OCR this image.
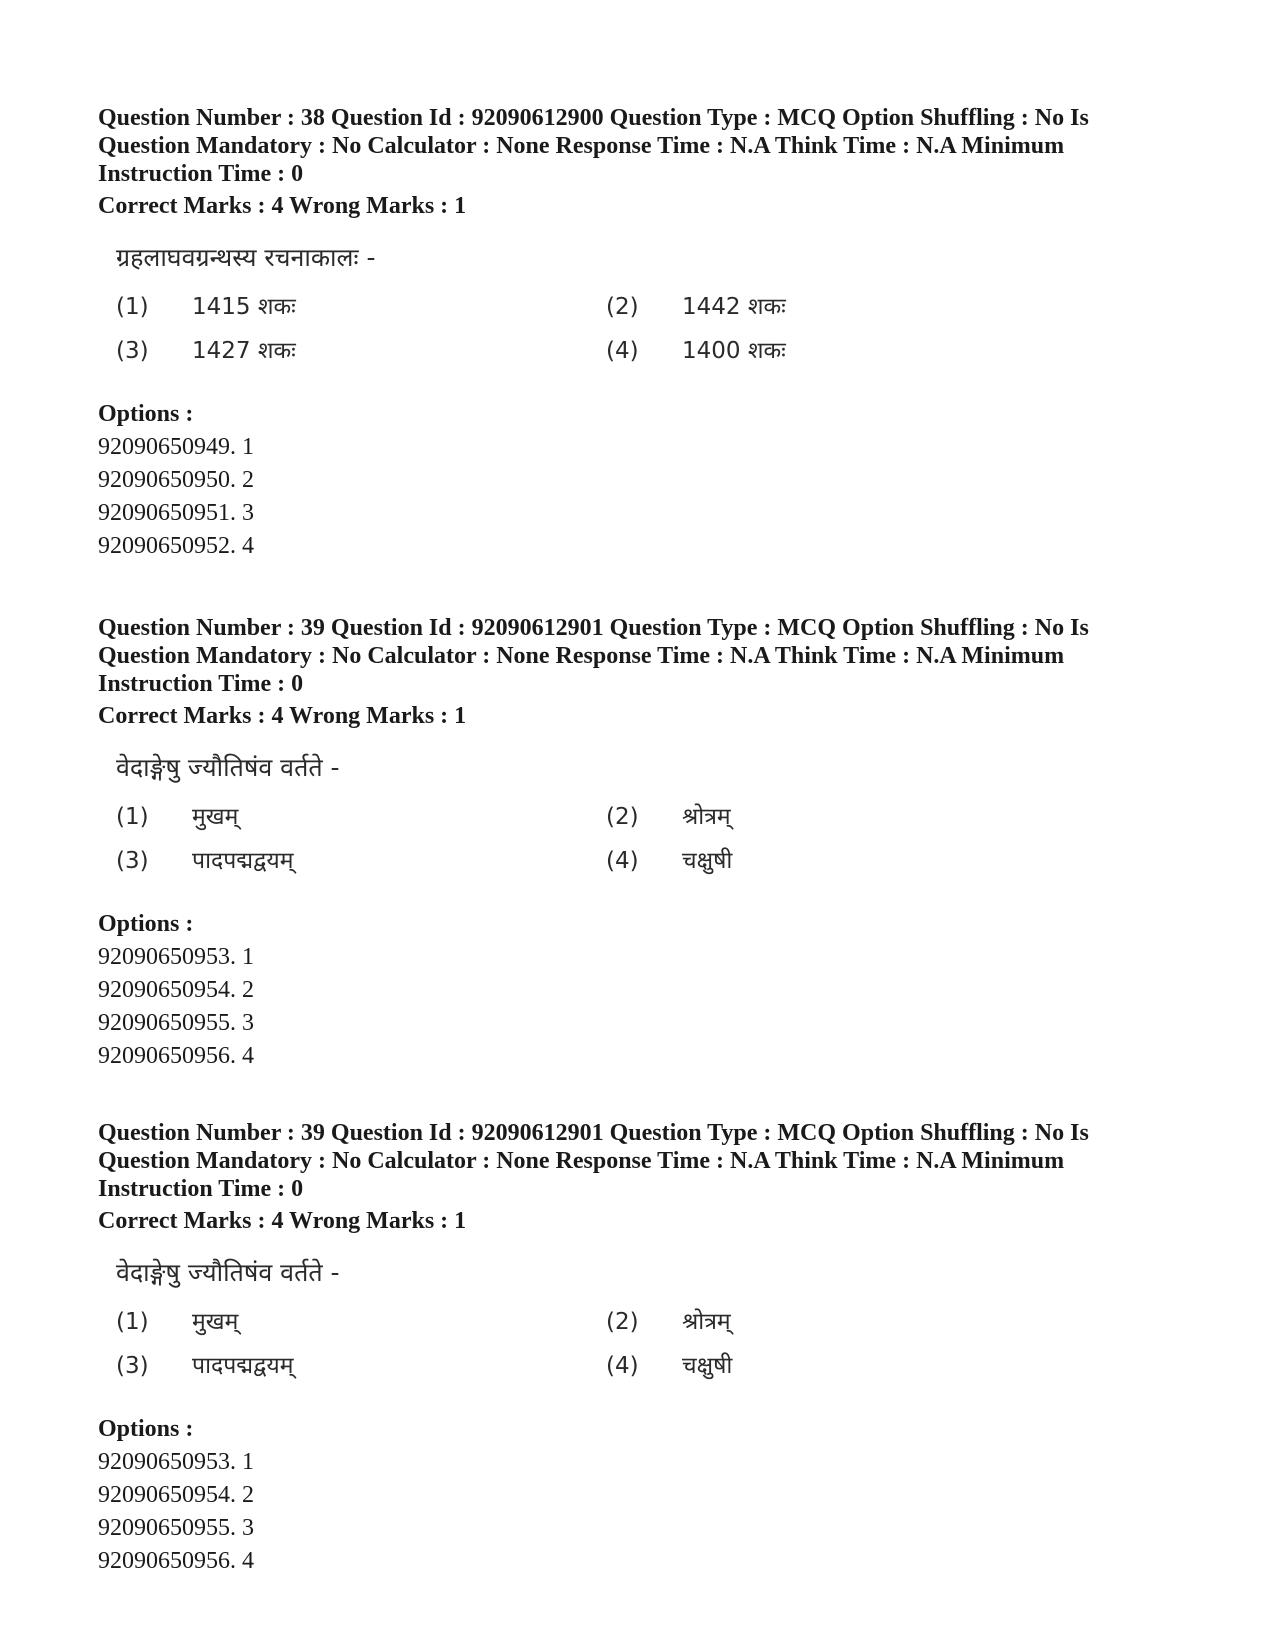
Question Number : 38 Question Id : 92090612900 Question Type : MCQ Option Shuffling : No Is Question Mandatory : No Calculator : None Response Time : N.A Think Time : N.A Minimum Instruction Time : 0

Correct Marks : 4 Wrong Marks : 1

ग्रहलाघवग्रन्थस्य रचनाकालः -
(1) 1415 शकः	(2) 1442 शकः
(3) 1427 शकः	(4) 1400 शकः

Options :

92090650949. 1

92090650950. 2

92090650951. 3

92090650952. 4

Question Number : 39 Question Id : 92090612901 Question Type : MCQ Option Shuffling : No Is Question Mandatory : No Calculator : None Response Time : N.A Think Time : N.A Minimum Instruction Time : 0

Correct Marks : 4 Wrong Marks : 1

वेदाङ्गेषु ज्यौतिषंव वर्तते -
(1) मुखम्	(2) श्रोत्रम्
(3) पादपद्मद्वयम्	(4) चक्षुषी

Options :

92090650953. 1

92090650954. 2

92090650955. 3

92090650956. 4

Question Number : 39 Question Id : 92090612901 Question Type : MCQ Option Shuffling : No Is Question Mandatory : No Calculator : None Response Time : N.A Think Time : N.A Minimum Instruction Time : 0

Correct Marks : 4 Wrong Marks : 1

वेदाङ्गेषु ज्यौतिषंव वर्तते -
(1) मुखम्	(2) श्रोत्रम्
(3) पादपद्मद्वयम्	(4) चक्षुषी

Options :

92090650953. 1

92090650954. 2

92090650955. 3

92090650956. 4
